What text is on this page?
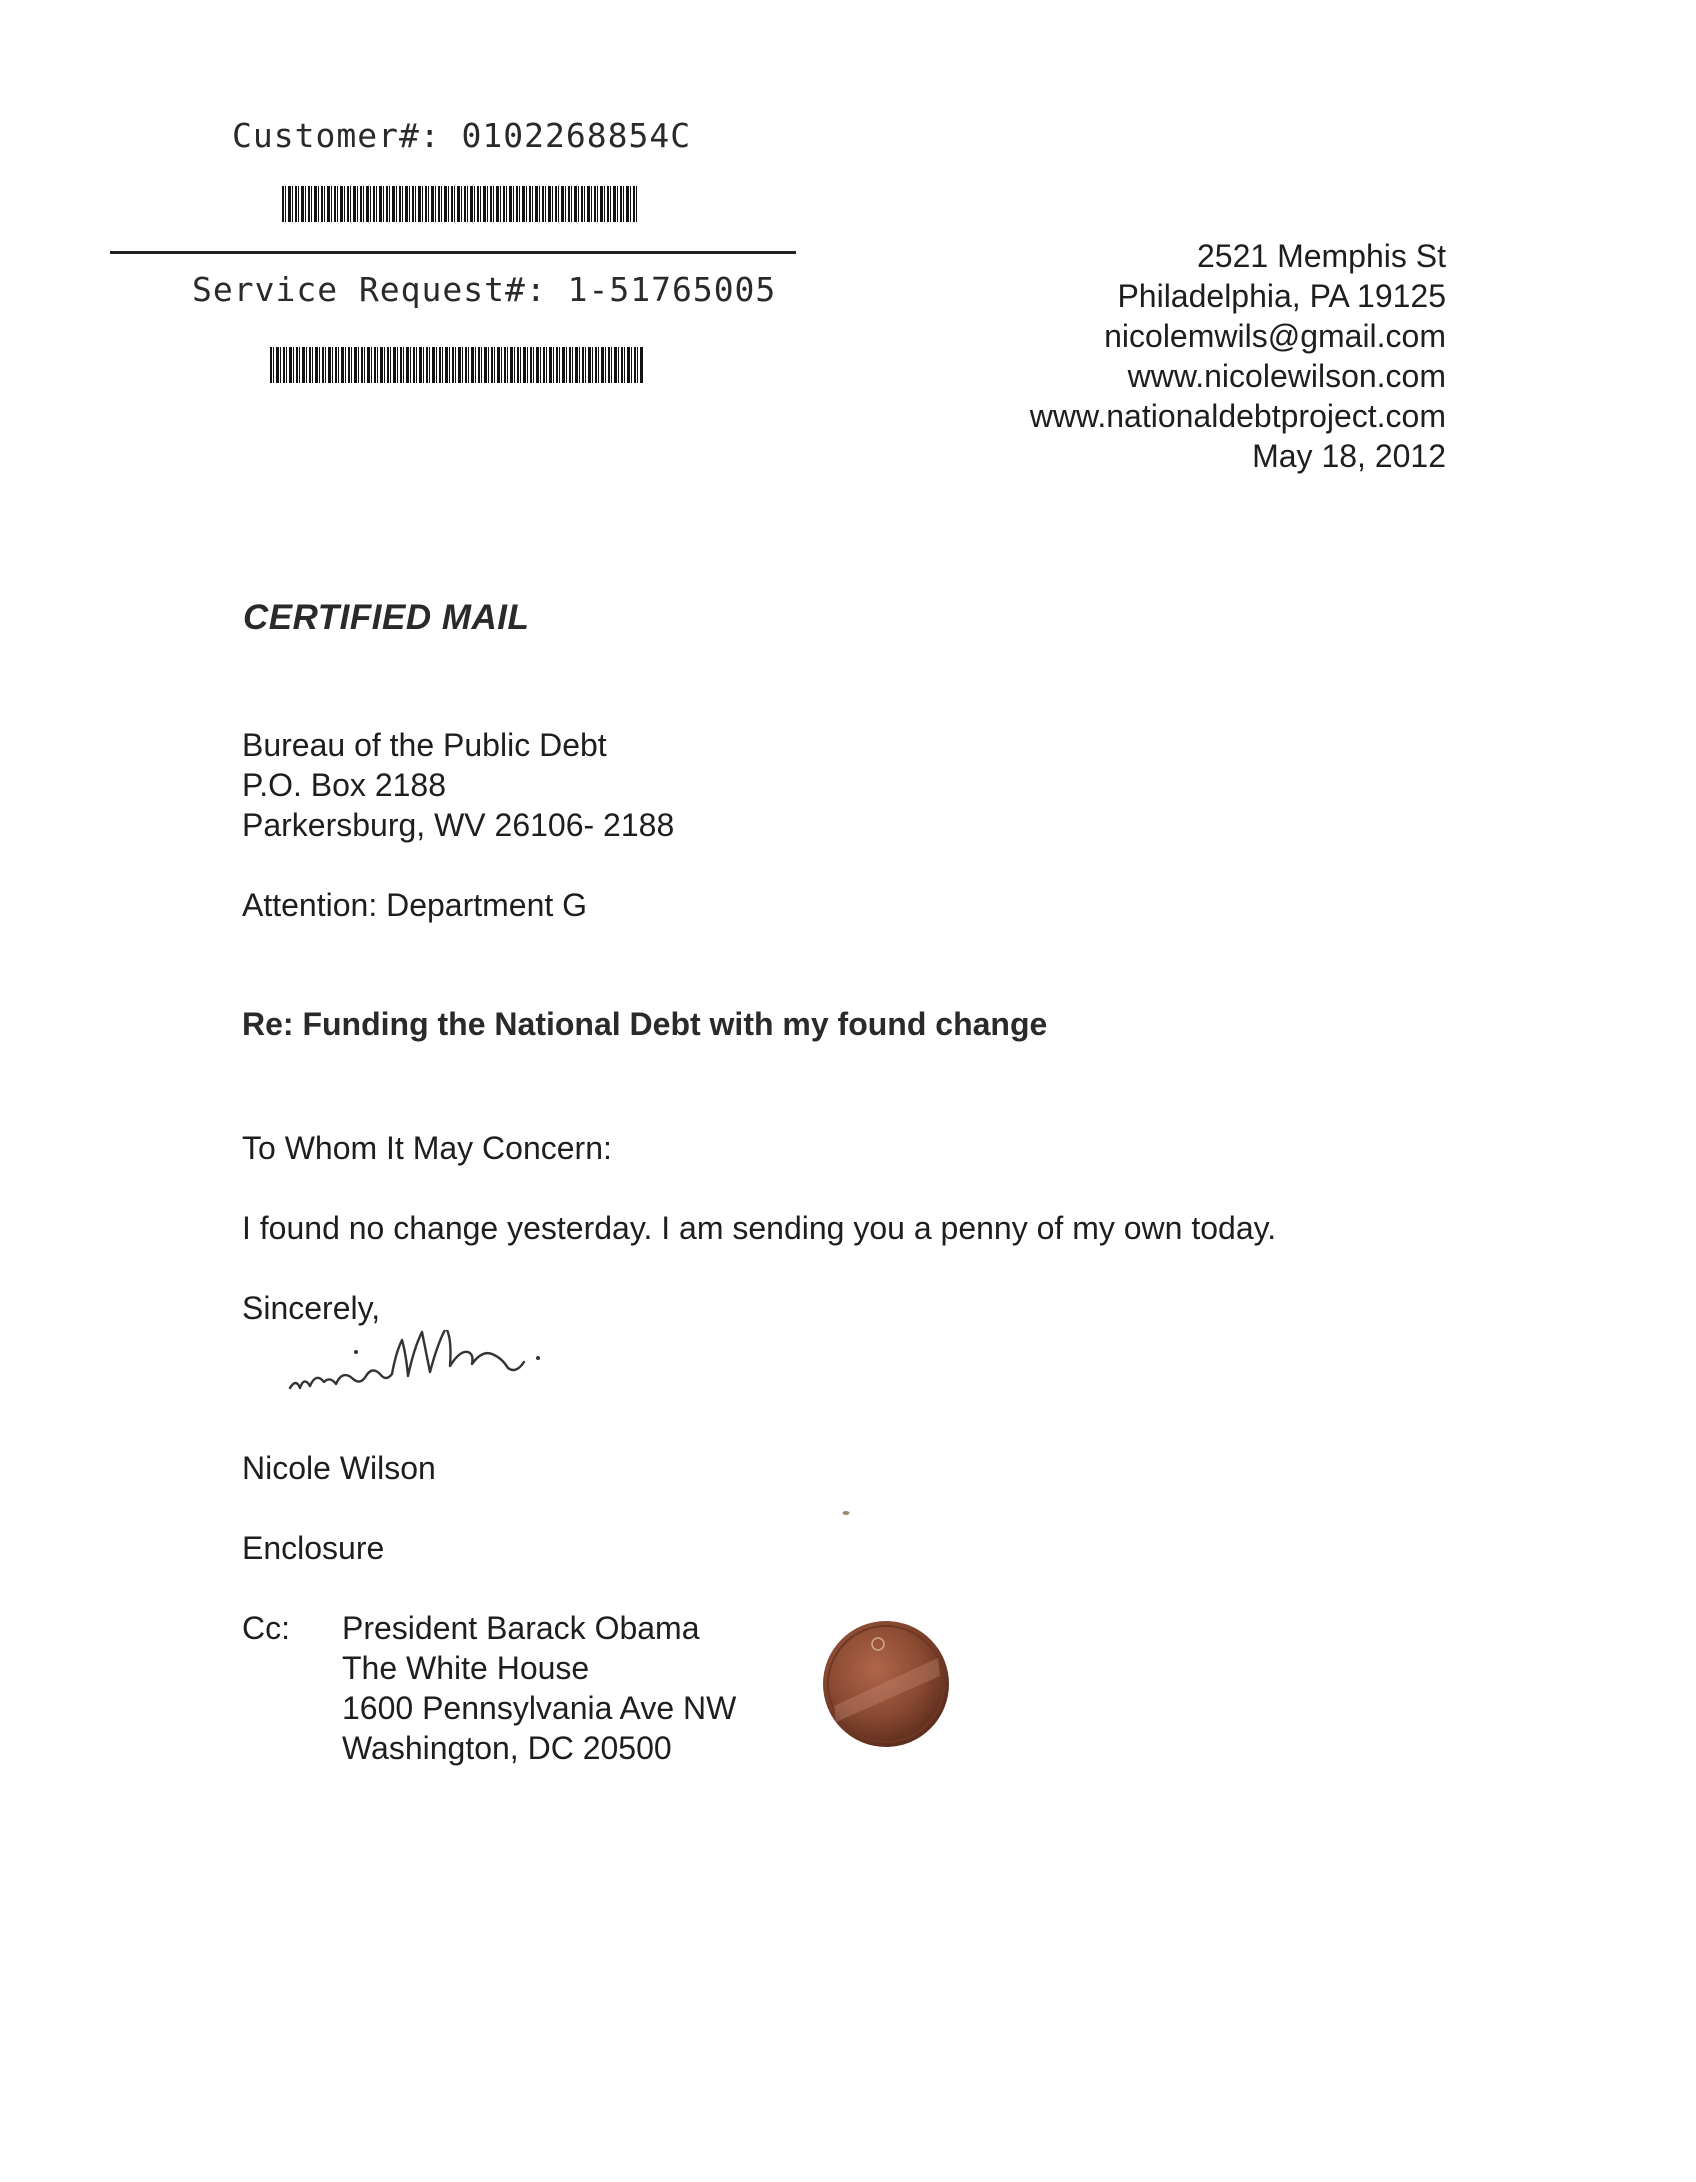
Customer#: 0102268854C
Service Request#: 1-51765005
2521 Memphis St
Philadelphia, PA 19125
nicolemwils@gmail.com
www.nicolewilson.com
www.nationaldebtproject.com
May 18, 2012
CERTIFIED MAIL
Bureau of the Public Debt
P.O. Box 2188
Parkersburg, WV 26106- 2188
Attention: Department G
Re: Funding the National Debt with my found change
To Whom It May Concern:
I found no change yesterday. I am sending you a penny of my own today.
Sincerely,
Nicole Wilson
Enclosure
Cc: President Barack Obama
The White House
1600 Pennsylvania Ave NW
Washington, DC 20500
